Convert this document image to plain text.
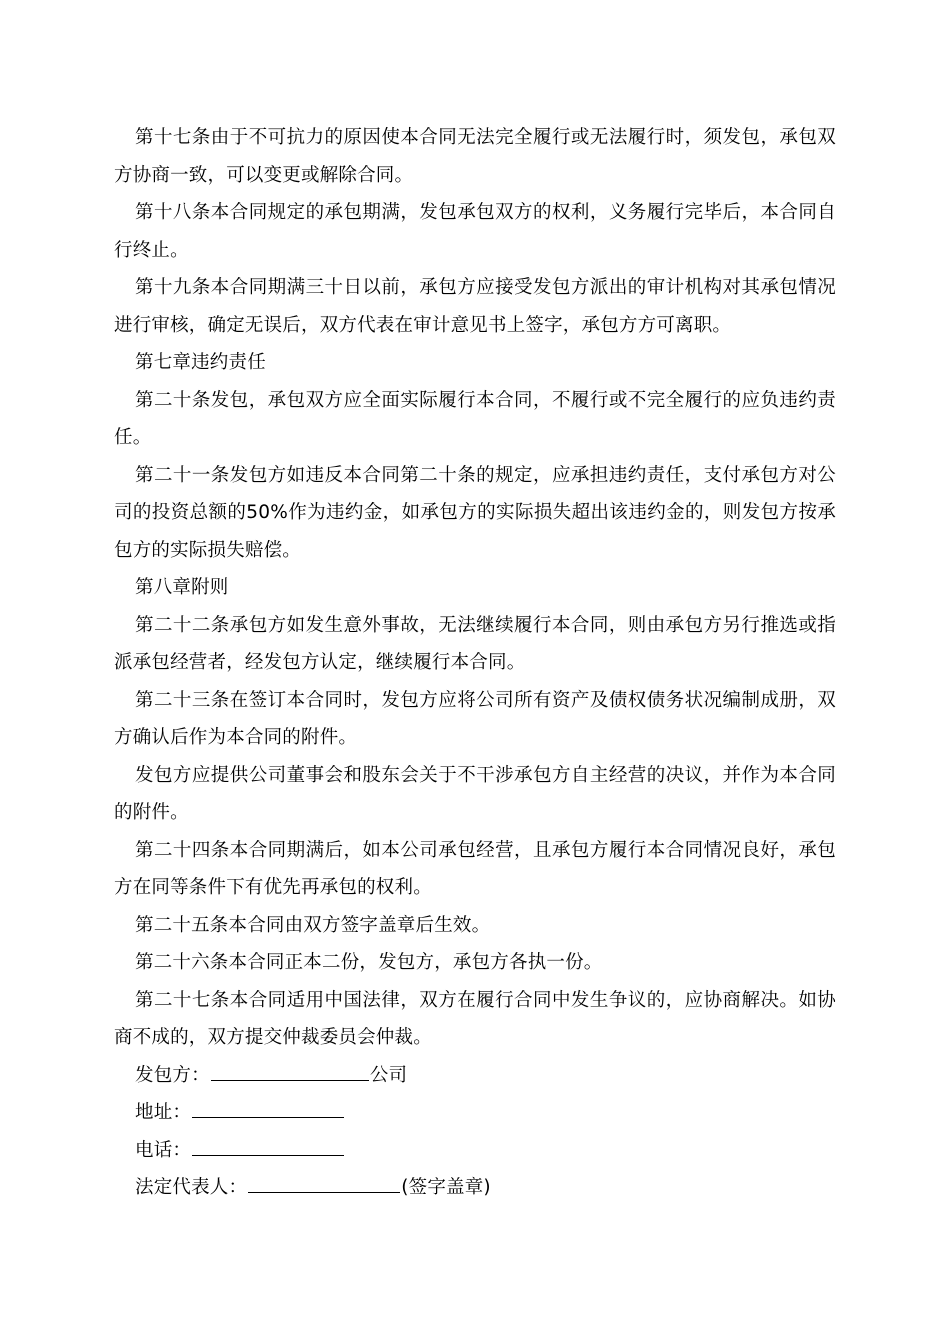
第十七条由于不可抗力的原因使本合同无法完全履行或无法履行时，须发包，承包双方协商一致，可以变更或解除合同。

第十八条本合同规定的承包期满，发包承包双方的权利，义务履行完毕后，本合同自行终止。

第十九条本合同期满三十日以前，承包方应接受发包方派出的审计机构对其承包情况进行审核，确定无误后，双方代表在审计意见书上签字，承包方方可离职。

第七章违约责任

第二十条发包，承包双方应全面实际履行本合同，不履行或不完全履行的应负违约责任。

第二十一条发包方如违反本合同第二十条的规定，应承担违约责任，支付承包方对公司的投资总额的50%作为违约金，如承包方的实际损失超出该违约金的，则发包方按承包方的实际损失赔偿。

第八章附则

第二十二条承包方如发生意外事故，无法继续履行本合同，则由承包方另行推选或指派承包经营者，经发包方认定，继续履行本合同。

第二十三条在签订本合同时，发包方应将公司所有资产及债权债务状况编制成册，双方确认后作为本合同的附件。

发包方应提供公司董事会和股东会关于不干涉承包方自主经营的决议，并作为本合同的附件。

第二十四条本合同期满后，如本公司承包经营，且承包方履行本合同情况良好，承包方在同等条件下有优先再承包的权利。

第二十五条本合同由双方签字盖章后生效。

第二十六条本合同正本二份，发包方，承包方各执一份。

第二十七条本合同适用中国法律，双方在履行合同中发生争议的，应协商解决。如协商不成的，双方提交仲裁委员会仲裁。

发包方：	公司
地址：
电话：
法定代表人：	(签字盖章)
